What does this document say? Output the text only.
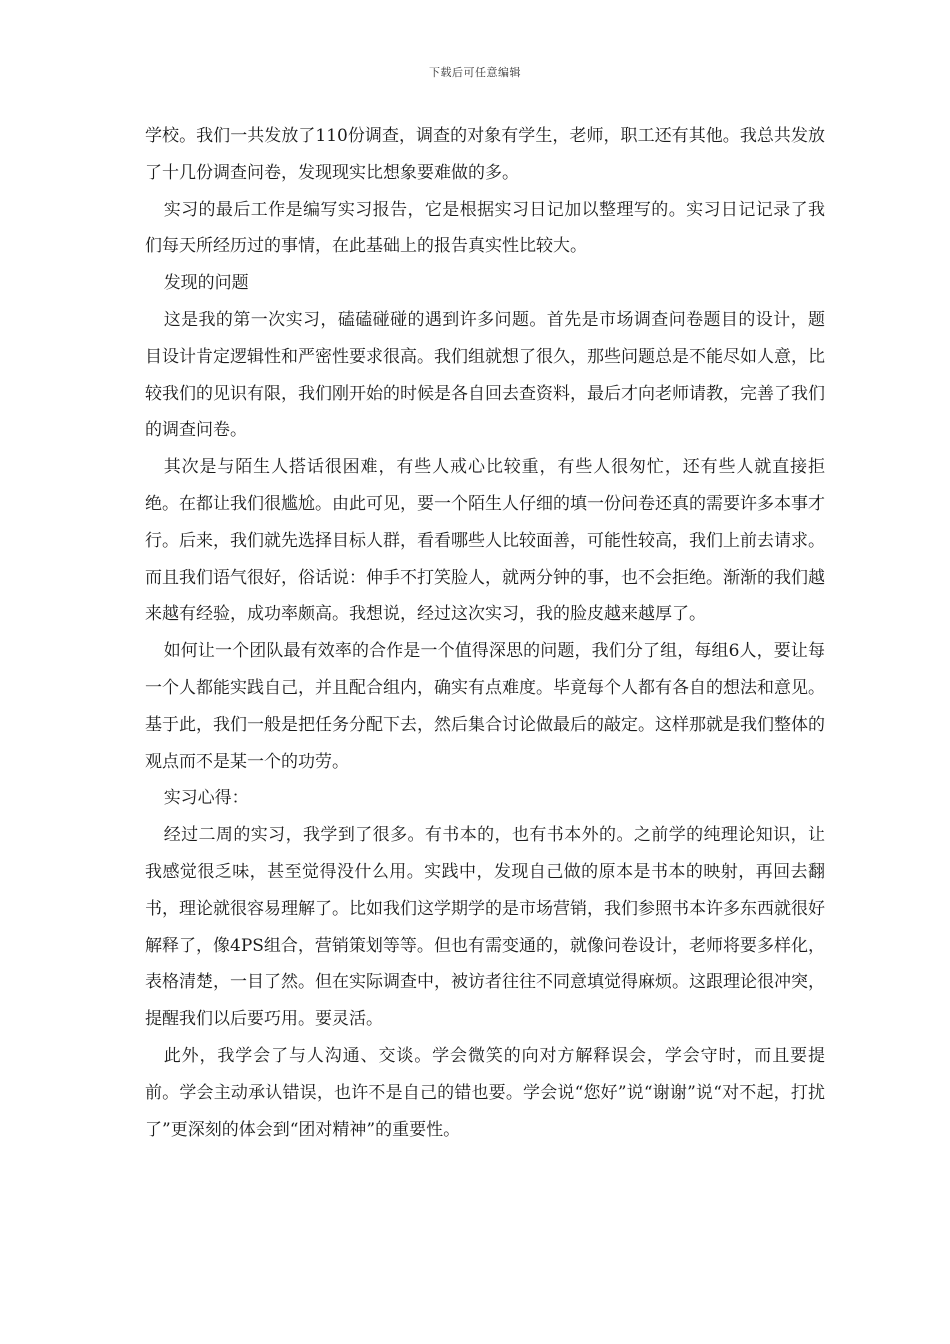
下载后可任意编辑

学校。我们一共发放了110份调查，调查的对象有学生，老师，职工还有其他。我总共发放了十几份调查问卷，发现现实比想象要难做的多。

实习的最后工作是编写实习报告，它是根据实习日记加以整理写的。实习日记记录了我们每天所经历过的事情，在此基础上的报告真实性比较大。

发现的问题

这是我的第一次实习，磕磕碰碰的遇到许多问题。首先是市场调查问卷题目的设计，题目设计肯定逻辑性和严密性要求很高。我们组就想了很久，那些问题总是不能尽如人意，比较我们的见识有限，我们刚开始的时候是各自回去查资料，最后才向老师请教，完善了我们的调查问卷。

其次是与陌生人搭话很困难，有些人戒心比较重，有些人很匆忙，还有些人就直接拒绝。在都让我们很尴尬。由此可见，要一个陌生人仔细的填一份问卷还真的需要许多本事才行。后来，我们就先选择目标人群，看看哪些人比较面善，可能性较高，我们上前去请求。而且我们语气很好，俗话说：伸手不打笑脸人，就两分钟的事，也不会拒绝。渐渐的我们越来越有经验，成功率颇高。我想说，经过这次实习，我的脸皮越来越厚了。

如何让一个团队最有效率的合作是一个值得深思的问题，我们分了组，每组6人，要让每一个人都能实践自己，并且配合组内，确实有点难度。毕竟每个人都有各自的想法和意见。基于此，我们一般是把任务分配下去，然后集合讨论做最后的敲定。这样那就是我们整体的观点而不是某一个的功劳。

实习心得：

经过二周的实习，我学到了很多。有书本的，也有书本外的。之前学的纯理论知识，让我感觉很乏味，甚至觉得没什么用。实践中，发现自己做的原本是书本的映射，再回去翻书，理论就很容易理解了。比如我们这学期学的是市场营销，我们参照书本许多东西就很好解释了，像4PS组合，营销策划等等。但也有需变通的，就像问卷设计，老师将要多样化，表格清楚，一目了然。但在实际调查中，被访者往往不同意填觉得麻烦。这跟理论很冲突，提醒我们以后要巧用。要灵活。

此外，我学会了与人沟通、交谈。学会微笑的向对方解释误会，学会守时，而且要提前。学会主动承认错误，也许不是自己的错也要。学会说“您好”说“谢谢”说“对不起，打扰了”更深刻的体会到“团对精神”的重要性。
